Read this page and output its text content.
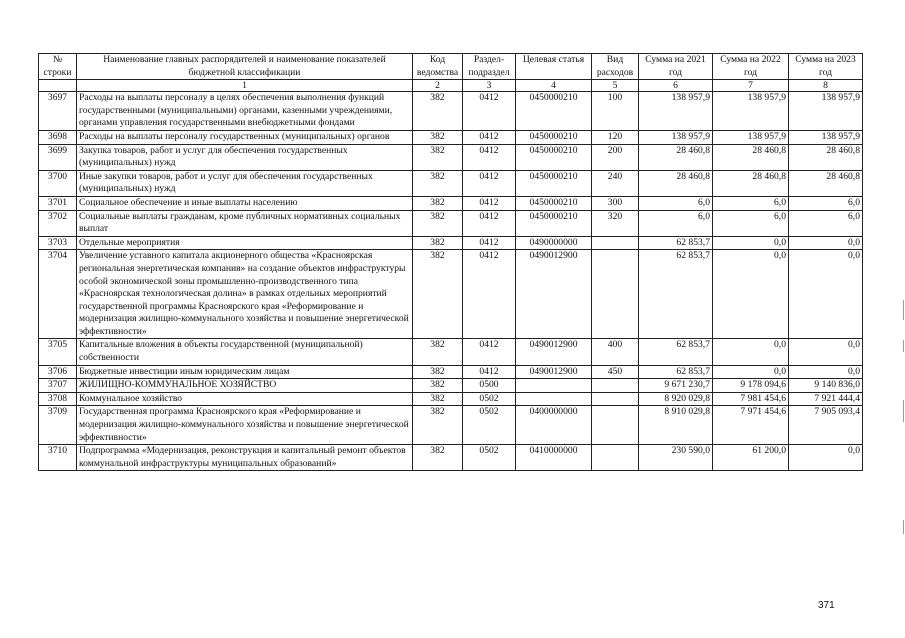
№ строки	Наименование главных распорядителей и наименование показателей бюджетной классификации	Код ведомства	Раздел- подраздел	Целевая статья	Вид расходов	Сумма на 2021 год	Сумма на 2022 год	Сумма на 2023 год
	1	2	3	4	5	6	7	8
3697	Расходы на выплаты персоналу в целях обеспечения выполнения функций государственными (муниципальными) органами, казенными учреждениями, органами управления государственными внебюджетными фондами	382	0412	0450000210	100	138 957,9	138 957,9	138 957,9
3698	Расходы на выплаты персоналу государственных (муниципальных) органов	382	0412	0450000210	120	138 957,9	138 957,9	138 957,9
3699	Закупка товаров, работ и услуг для обеспечения государственных (муниципальных) нужд	382	0412	0450000210	200	28 460,8	28 460,8	28 460,8
3700	Иные закупки товаров, работ и услуг для обеспечения государственных (муниципальных) нужд	382	0412	0450000210	240	28 460,8	28 460,8	28 460,8
3701	Социальное обеспечение и иные выплаты населению	382	0412	0450000210	300	6,0	6,0	6,0
3702	Социальные выплаты гражданам, кроме публичных нормативных социальных выплат	382	0412	0450000210	320	6,0	6,0	6,0
3703	Отдельные мероприятия	382	0412	0490000000		62 853,7	0,0	0,0
3704	Увеличение уставного капитала акционерного общества «Красноярская региональная энергетическая компания» на создание объектов инфраструктуры особой экономической зоны промышленно-производственного типа «Красноярская технологическая долина» в рамках отдельных мероприятий государственной программы Красноярского края «Реформирование и модернизация жилищно-коммунального хозяйства и повышение энергетической эффективности»	382	0412	0490012900		62 853,7	0,0	0,0
3705	Капитальные вложения в объекты государственной (муниципальной) собственности	382	0412	0490012900	400	62 853,7	0,0	0,0
3706	Бюджетные инвестиции иным юридическим лицам	382	0412	0490012900	450	62 853,7	0,0	0,0
3707	ЖИЛИЩНО-КОММУНАЛЬНОЕ ХОЗЯЙСТВО	382	0500			9 671 230,7	9 178 094,6	9 140 836,0
3708	Коммунальное хозяйство	382	0502			8 920 029,8	7 981 454,6	7 921 444,4
3709	Государственная программа Красноярского края «Реформирование и модернизация жилищно-коммунального хозяйства и повышение энергетической эффективности»	382	0502	0400000000		8 910 029,8	7 971 454,6	7 905 093,4
3710	Подпрограмма «Модернизация, реконструкция и капитальный ремонт объектов коммунальной инфраструктуры муниципальных образований»	382	0502	0410000000		230 590,0	61 200,0	0,0
371
